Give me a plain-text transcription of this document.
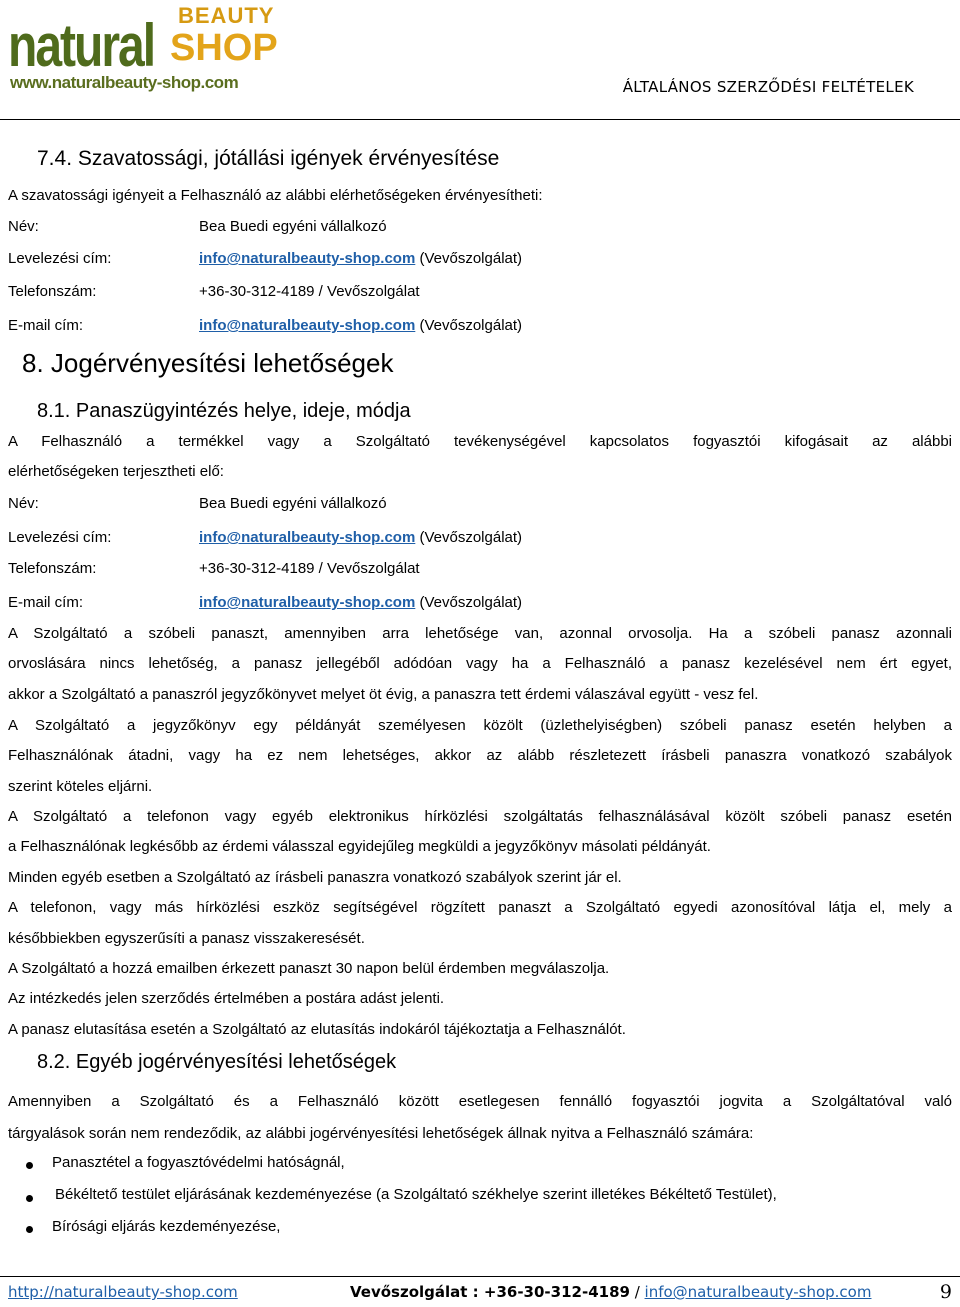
natural BEAUTY
SHOP
www.naturalbeauty-shop.com	ÁLTALÁNOS SZERZŐDÉSI FELTÉTELEK
7.4. Szavatossági, jótállási igények érvényesítése
A szavatossági igényeit a Felhasználó az alábbi elérhetőségeken érvényesítheti:
Név:	Bea Buedi egyéni vállalkozó
Levelezési cím:	info@naturalbeauty-shop.com (Vevőszolgálat)
Telefonszám:	+36-30-312-4189 / Vevőszolgálat
E-mail cím:	info@naturalbeauty-shop.com (Vevőszolgálat)
8. Jogérvényesítési lehetőségek
8.1. Panaszügyintézés helye, ideje, módja
A Felhasználó a termékkel vagy a Szolgáltató tevékenységével kapcsolatos fogyasztói kifogásait az alábbi
elérhetőségeken terjesztheti elő:
Név:	Bea Buedi egyéni vállalkozó
Levelezési cím:	info@naturalbeauty-shop.com (Vevőszolgálat)
Telefonszám:	+36-30-312-4189 / Vevőszolgálat
E-mail cím:	info@naturalbeauty-shop.com (Vevőszolgálat)
A Szolgáltató a szóbeli panaszt, amennyiben arra lehetősége van, azonnal orvosolja. Ha a szóbeli panasz azonnali
orvoslására nincs lehetőség, a panasz jellegéből adódóan vagy ha a Felhasználó a panasz kezelésével nem ért egyet,
akkor a Szolgáltató a panaszról jegyzőkönyvet melyet öt évig, a panaszra tett érdemi válaszával együtt - vesz fel.
A Szolgáltató a jegyzőkönyv egy példányát személyesen közölt (üzlethelyiségben) szóbeli panasz esetén helyben a
Felhasználónak átadni, vagy ha ez nem lehetséges, akkor az alább részletezett írásbeli panaszra vonatkozó szabályok
szerint köteles eljárni.
A Szolgáltató a telefonon vagy egyéb elektronikus hírközlési szolgáltatás felhasználásával közölt szóbeli panasz esetén
a Felhasználónak legkésőbb az érdemi válasszal egyidejűleg megküldi a jegyzőkönyv másolati példányát.
Minden egyéb esetben a Szolgáltató az írásbeli panaszra vonatkozó szabályok szerint jár el.
A telefonon, vagy más hírközlési eszköz segítségével rögzített panaszt a Szolgáltató egyedi azonosítóval látja el, mely a
későbbiekben egyszerűsíti a panasz visszakeresését.
A Szolgáltató a hozzá emailben érkezett panaszt 30 napon belül érdemben megválaszolja.
Az intézkedés jelen szerződés értelmében a postára adást jelenti.
A panasz elutasítása esetén a Szolgáltató az elutasítás indokáról tájékoztatja a Felhasználót.
8.2. Egyéb jogérvényesítési lehetőségek
Amennyiben a Szolgáltató és a Felhasználó között esetlegesen fennálló fogyasztói jogvita a Szolgáltatóval való
tárgyalások során nem rendeződik, az alábbi jogérvényesítési lehetőségek állnak nyitva a Felhasználó számára:
Panasztétel a fogyasztóvédelmi hatóságnál,
Békéltető testület eljárásának kezdeményezése (a Szolgáltató székhelye szerint illetékes Békéltető Testület),
Bírósági eljárás kezdeményezése,
http://naturalbeauty-shop.com	Vevőszolgálat : +36-30-312-4189 / info@naturalbeauty-shop.com	9
